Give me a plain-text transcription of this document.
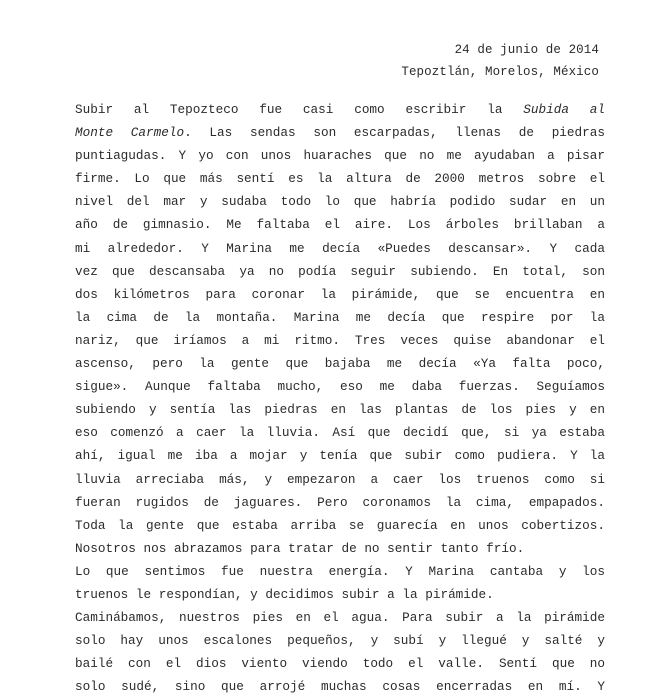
24 de junio de 2014
Tepoztlán, Morelos, México
Subir al Tepozteco fue casi como escribir la Subida al
Monte Carmelo. Las sendas son escarpadas, llenas de piedras
puntiagudas. Y yo con unos huaraches que no me ayudaban a pisar
firme. Lo que más sentí es la altura de 2000 metros sobre el
nivel del mar y sudaba todo lo que habría podido sudar en un
año de gimnasio. Me faltaba el aire. Los árboles brillaban a
mi alrededor. Y Marina me decía «Puedes descansar». Y cada
vez que descansaba ya no podía seguir subiendo. En total, son
dos kilómetros para coronar la pirámide, que se encuentra en
la cima de la montaña. Marina me decía que respire por la
nariz, que iríamos a mi ritmo. Tres veces quise abandonar el
ascenso, pero la gente que bajaba me decía «Ya falta poco,
sigue». Aunque faltaba mucho, eso me daba fuerzas. Seguíamos
subiendo y sentía las piedras en las plantas de los pies y en
eso comenzó a caer la lluvia. Así que decidí que, si ya estaba
ahí, igual me iba a mojar y tenía que subir como pudiera. Y la
lluvia arreciaba más, y empezaron a caer los truenos como si
fueran rugidos de jaguares. Pero coronamos la cima, empapados.
Toda la gente que estaba arriba se guarecía en unos cobertizos.
Nosotros nos abrazamos para tratar de no sentir tanto frío.
Lo que sentimos fue nuestra energía. Y Marina cantaba y los
truenos le respondían, y decidimos subir a la pirámide.
Caminábamos, nuestros pies en el agua. Para subir a la pirámide
solo hay unos escalones pequeños, y subí y llegué y salté y
bailé con el dios viento viendo todo el valle. Sentí que no
solo sudé, sino que arrojé muchas cosas encerradas en mí. Y
